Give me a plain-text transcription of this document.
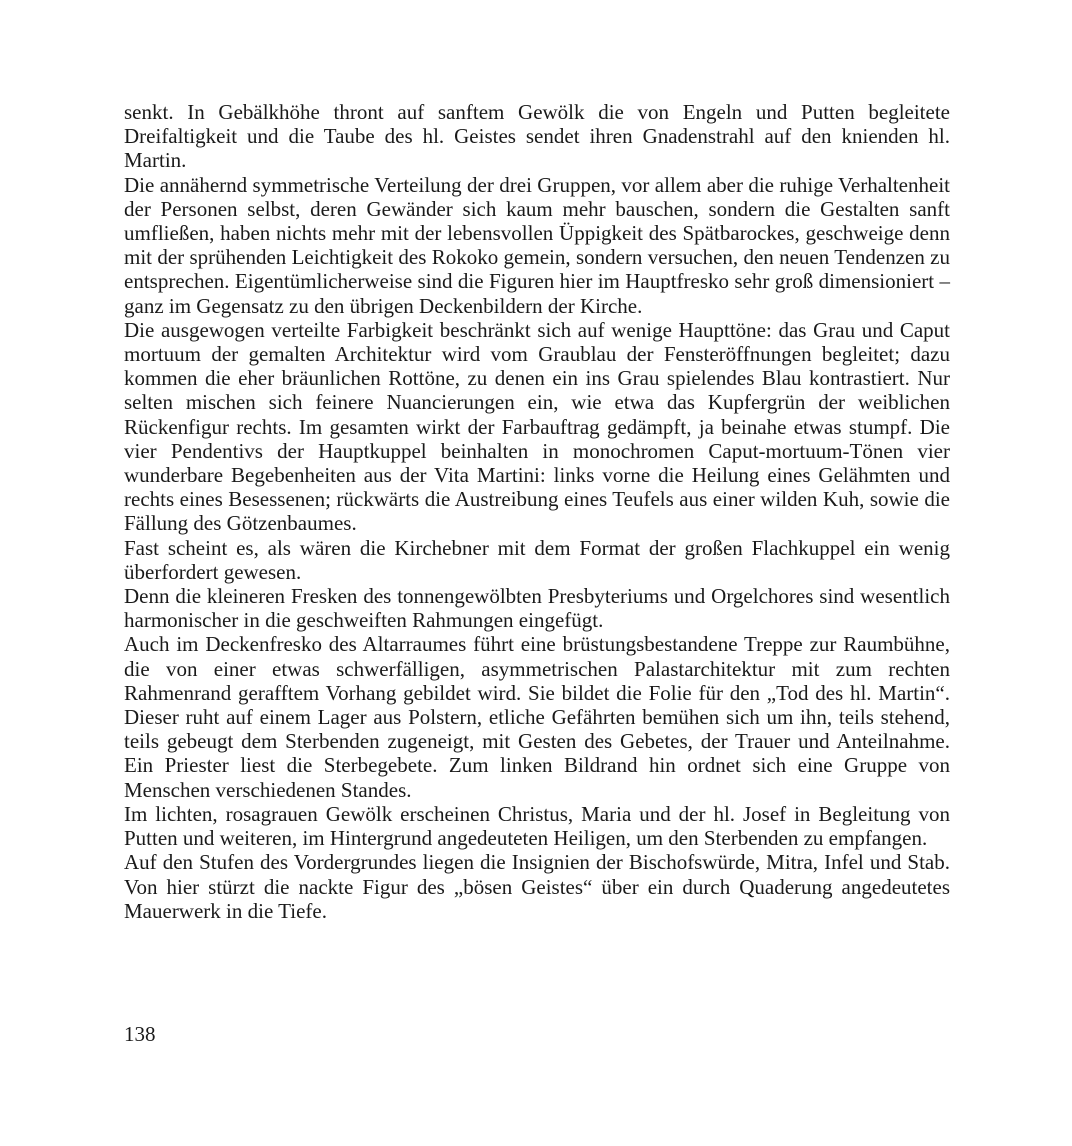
senkt. In Gebälkhöhe thront auf sanftem Gewölk die von Engeln und Putten begleitete Dreifaltigkeit und die Taube des hl. Geistes sendet ihren Gnadenstrahl auf den knienden hl. Martin.

Die annähernd symmetrische Verteilung der drei Gruppen, vor allem aber die ruhige Verhaltenheit der Personen selbst, deren Gewänder sich kaum mehr bauschen, sondern die Gestalten sanft umfließen, haben nichts mehr mit der lebensvollen Üppigkeit des Spätbarockes, geschweige denn mit der sprühenden Leichtigkeit des Rokoko gemein, sondern versuchen, den neuen Tendenzen zu entsprechen. Eigentümlicherweise sind die Figuren hier im Hauptfresko sehr groß dimensioniert – ganz im Gegensatz zu den übrigen Deckenbildern der Kirche.

Die ausgewogen verteilte Farbigkeit beschränkt sich auf wenige Haupttöne: das Grau und Caput mortuum der gemalten Architektur wird vom Graublau der Fensteröffnungen begleitet; dazu kommen die eher bräunlichen Rottöne, zu denen ein ins Grau spielendes Blau kontrastiert. Nur selten mischen sich feinere Nuancierungen ein, wie etwa das Kupfergrün der weiblichen Rückenfigur rechts. Im gesamten wirkt der Farbauftrag gedämpft, ja beinahe etwas stumpf. Die vier Pendentivs der Hauptkuppel beinhalten in monochromen Caput-mortuum-Tönen vier wunderbare Begebenheiten aus der Vita Martini: links vorne die Heilung eines Gelähmten und rechts eines Besessenen; rückwärts die Austreibung eines Teufels aus einer wilden Kuh, sowie die Fällung des Götzenbaumes.

Fast scheint es, als wären die Kirchebner mit dem Format der großen Flachkuppel ein wenig überfordert gewesen.

Denn die kleineren Fresken des tonnengewölbten Presbyteriums und Orgelchores sind wesentlich harmonischer in die geschweiften Rahmungen eingefügt.

Auch im Deckenfresko des Altarraumes führt eine brüstungsbestandene Treppe zur Raumbühne, die von einer etwas schwerfälligen, asymmetrischen Palastarchitektur mit zum rechten Rahmenrand gerafftem Vorhang gebildet wird. Sie bildet die Folie für den „Tod des hl. Martin“. Dieser ruht auf einem Lager aus Polstern, etliche Gefährten bemühen sich um ihn, teils stehend, teils gebeugt dem Sterbenden zugeneigt, mit Gesten des Gebetes, der Trauer und Anteilnahme. Ein Priester liest die Sterbegebete. Zum linken Bildrand hin ordnet sich eine Gruppe von Menschen verschiedenen Standes.

Im lichten, rosagrauen Gewölk erscheinen Christus, Maria und der hl. Josef in Begleitung von Putten und weiteren, im Hintergrund angedeuteten Heiligen, um den Sterbenden zu empfangen.

Auf den Stufen des Vordergrundes liegen die Insignien der Bischofswürde, Mitra, Infel und Stab. Von hier stürzt die nackte Figur des „bösen Geistes“ über ein durch Quaderung angedeutetes Mauerwerk in die Tiefe.

138
